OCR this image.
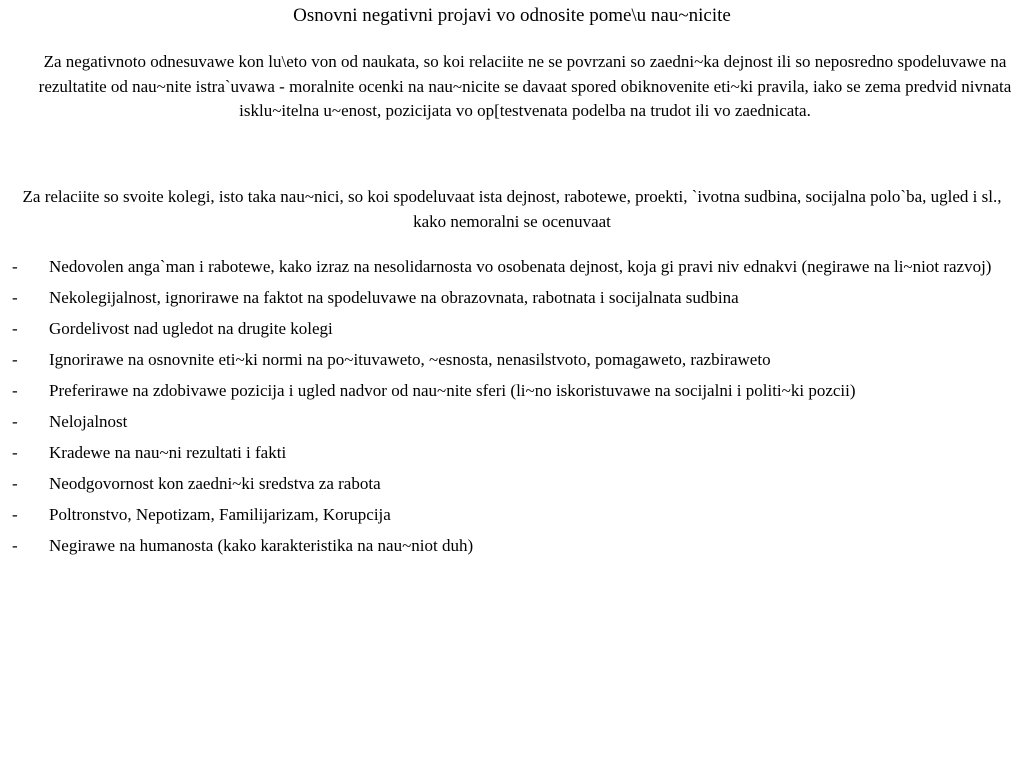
Osnovni negativni projavi vo odnosite pome\u nau~nicite
Za negativnoto odnesuvawe kon lu\eto von od naukata, so koi relaciite ne se povrzani so zaedni~ka dejnost ili so neposredno spodeluvawe na rezultatite od nau~nite istra`uvawa - moralnite ocenki na nau~nicite se davaat spored obiknovenite eti~ki pravila, iako se zema predvid nivnata isklu~itelna u~enost, pozicijata vo op[testvenata podelba na trudot ili vo zaednicata.
Za relaciite so svoite kolegi, isto taka nau~nici, so koi spodeluvaat ista dejnost, rabotewe, proekti, `ivotna sudbina, socijalna polo`ba, ugled i sl., kako nemoralni se ocenuvaat
- Nedovolen anga`man i rabotewe, kako izraz na nesolidarnosta vo osobenata dejnost, koja gi pravi niv ednakvi (negirawe na li~niot razvoj)
- Nekolegijalnost, ignorirawe na faktot na spodeluvawe na obrazovnata, rabotnata i socijalnata sudbina
- Gordelivost nad ugledot na drugite kolegi
- Ignorirawe na osnovnite eti~ki normi na po~ituvaweto, ~esnosta, nenasilstvoto, pomagaweto, razbiraweto
- Preferirawe na zdobivawe pozicija i ugled nadvor od nau~nite sferi (li~no iskoristuvawe na socijalni i politi~ki pozcii)
- Nelojalnost
- Kradewe na nau~ni rezultati i fakti
- Neodgovornost kon zaedni~ki sredstva za rabota
- Poltronstvo, Nepotizam, Familijarizam, Korupcija
- Negirawe na humanosta (kako karakteristika na nau~niot duh)
